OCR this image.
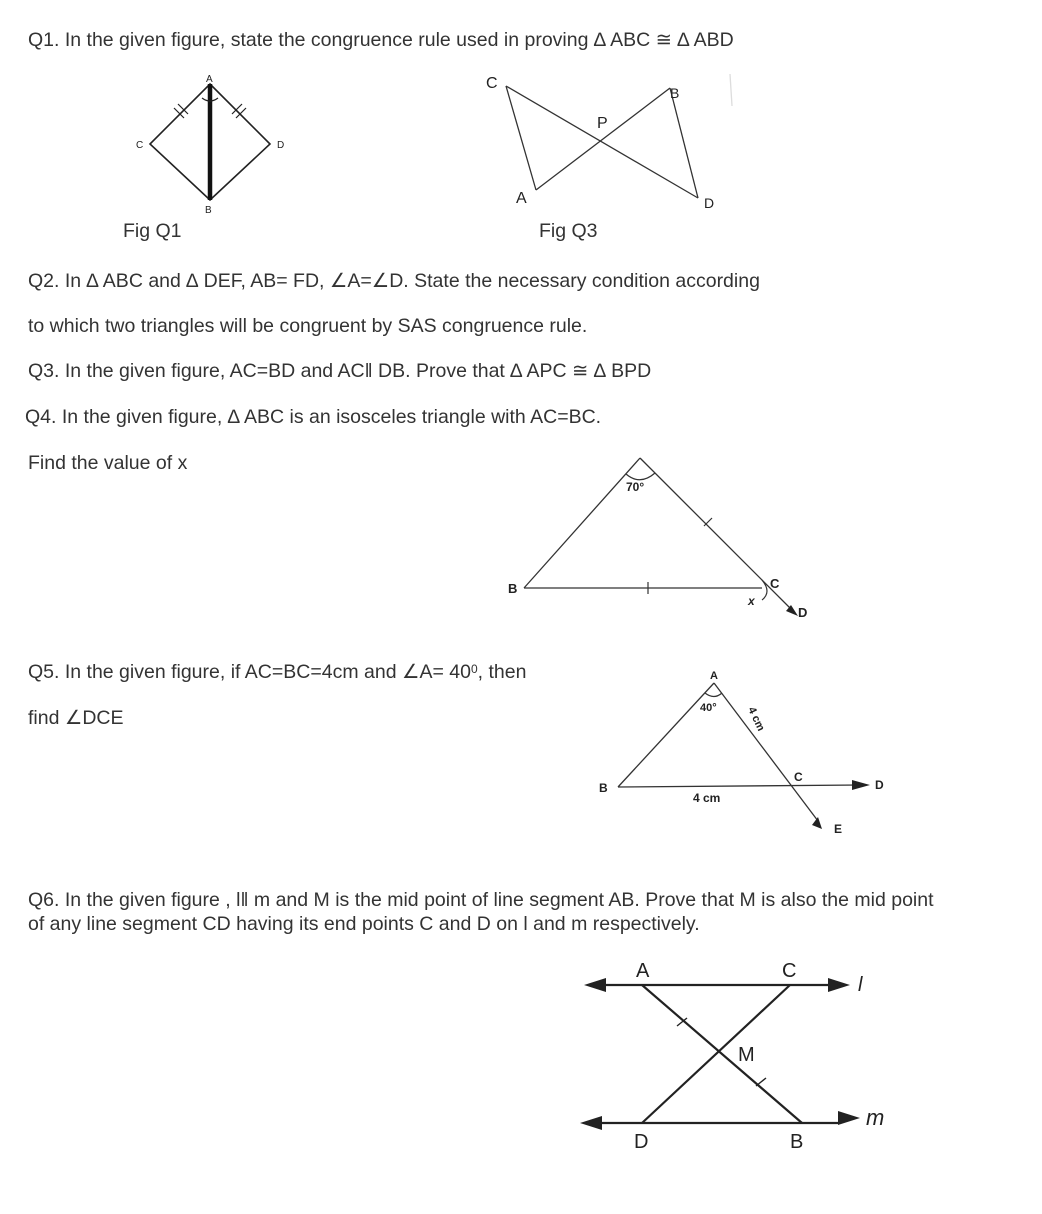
Q1. In the given figure, state the congruence rule used in proving ∆ ABC ≅ ∆ ABD
A
B
C	D
C
B
P
A	D
Fig Q1	Fig Q3
Q2. In ∆ ABC and ∆ DEF, AB= FD, ∠A=∠D. State the necessary condition according
to which two triangles will be congruent by SAS congruence rule.
Q3. In the given figure, AC=BD and AC‖ DB. Prove that ∆ APC ≅ ∆ BPD
Q4. In the given figure, ∆ ABC is an isosceles triangle with AC=BC.
Find the value of x
70°
B	C
x
D
Q5. In the given figure, if AC=BC=4cm and ∠A= $40^0$, then
find ∠DCE
A
40°	4 cm
B
4 cm
C
D
E
Q6. In the given figure , l‖ m and M is the mid point of line segment AB. Prove that M is also the mid point
of any line segment CD having its end points C and D on l and m respectively.
A	C
l
M
m
D	B
